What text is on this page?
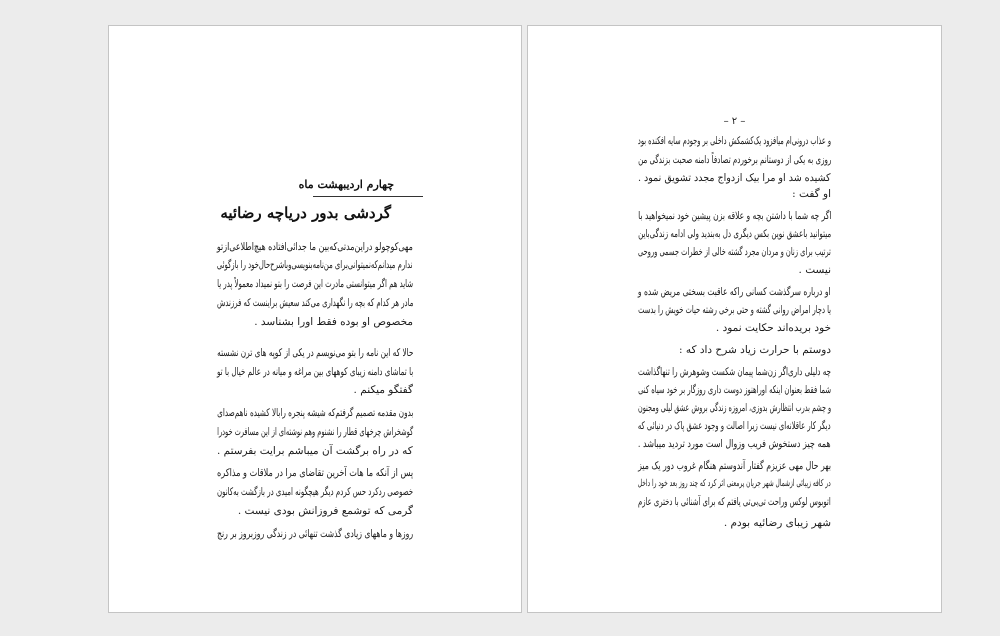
چهارم اردیبهشت ماه
گردشی بدور دریاچه رضائیه
مهی‌کوچولو درا‌ین‌مدتی‌که‌بین ما جدائی‌افتاده هیچ‌اطلاعی‌از‌تو
ندارم میدانم‌که‌نمیتوانی‌برای من‌نامه‌بنویسی‌وباشرح‌حال‌خود را بازگوئی
شاید هم اگر میتوانستی مادرت این فرصت را بتو نمیداد معمولاً پدر یا
مادر هر کدام که بچه را نگهداری می‌کند سعیش براینست که فرزندش
مخصوص او بوده فقط اورا بشناسد .
حالا که این نامه را بتو می‌نویسم در یکی از کوپه های ترن نشسته
با تماشای دامنه زیبای کوههای بین مراغه و میانه در عالم خیال با تو
گفتگو میکنم .
بدون مقدمه تصمیم گرفتم‌که شیشه پنجره رابالا کشیده ناهم‌صدای
گوشخراش چرخهای قطار را نشنوم وهم نوشته‌ای از این مسافرت خودرا
که در راه برگشت آن میباشم برایت بفرستم .
پس از آنکه ما هات آخرین تقاضای مرا در ملاقات و مذاکره
خصوصی ردکرد حس کردم دیگر هیچگونه امیدی در بازگشت به‌کانون
گرمی که توشمع فروزانش بودی نیست .
روزها و ماههای زیادی گذشت تنهائی در زندگی روزبروز بر رنج
– ۲ –
و عذاب درونی‌ام میافزود یک‌کشمکش داخلی بر وجودم سایه افکنده بود
روزی به یکی از دوستانم برخوردم تصادفاً دامنه صحبت بزندگی من
کشیده شد او مرا بیک ازدواج مجدد تشویق نمود .
او گفت :
اگر چه شما با داشتن بچه و علاقه بزن پیشین خود نمیخواهید با
میتوانید باعشق نوین بکس دیگری دل به‌بندید ولی ادامه زندگی‌باین
ترتیب برای زنان و مردان مجرد گشته خالی از خطرات جسمی وروحی
نیست .
او درباره سرگذشت کسانی راکه عاقبت بسختی مریض شده و
یا دچار امراض روانی گشته و حتی برخی رشته حیات خویش را بدست
خود بریده‌اند حکایت نمود .
دوستم با حرارت زیاد شرح داد که :
چه دلیلی داری‌اگر زن‌شما پیمان شکست وشوهرش را تنهاگذاشت
شما فقط بعنوان اینکه اوراهنوز دوست داری روزگار بر خود سیاه کنی
و چشم بدرب انتظارش بدوزی، امروزه زندگی بروش عشق لیلی ومجنون
دیگر کار عاقلانه‌ای نیست زیرا اصالت و وجود عشق پاک در دنیائی که
همه چیز دستخوش فریب وزوال است مورد تردید میباشد .
بهر حال مهی عزیزم گفتار آندوستم هنگام غروب دور یک میز
در کافه زیبائی ازشمال شهر جریان پرمعنی اثر کرد که چند روز بعد خود را داخل
اتوبوس لوکس وراحت تی‌بی‌تی یافتم که برای آشنائی با دختری عازم
شهر زیبای رضائیه بودم .
